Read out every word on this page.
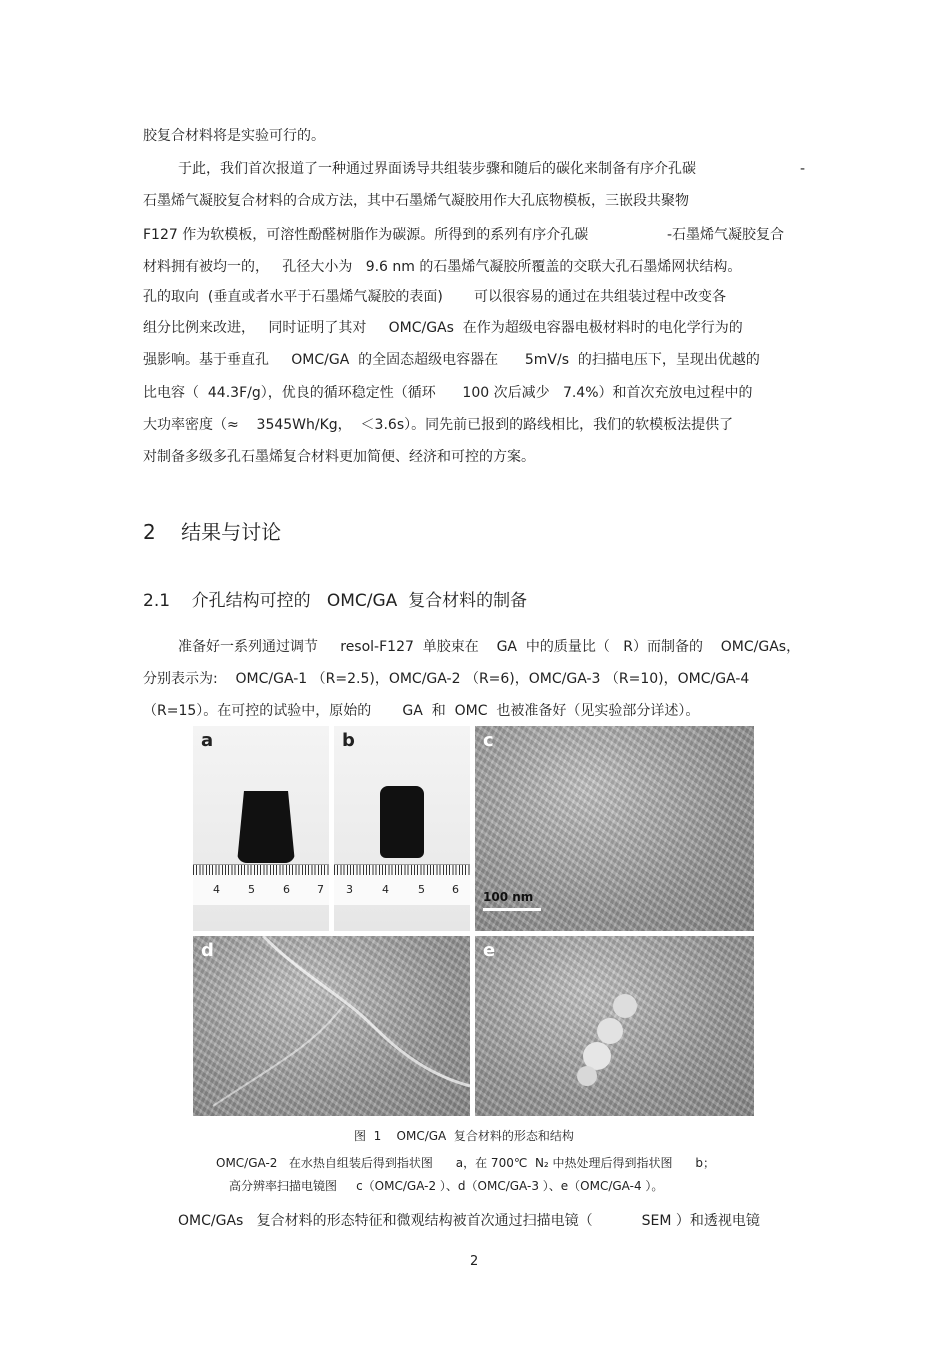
胶复合材料将是实验可行的。
于此，我们首次报道了一种通过界面诱导共组装步骤和随后的碳化来制备有序介孔碳	-
石墨烯气凝胶复合材料的合成方法，其中石墨烯气凝胶用作大孔底物模板，三嵌段共聚物
F127 作为软模板，可溶性酚醛树脂作为碳源。所得到的系列有序介孔碳	-石墨烯气凝胶复合
材料拥有被均一的，   孔径大小为   9.6 nm 的石墨烯气凝胶所覆盖的交联大孔石墨烯网状结构。
孔的取向  (垂直或者水平于石墨烯气凝胶的表面)       可以很容易的通过在共组装过程中改变各
组分比例来改进，   同时证明了其对     OMC/GAs  在作为超级电容器电极材料时的电化学行为的
强影响。基于垂直孔     OMC/GA  的全固态超级电容器在      5mV/s  的扫描电压下，呈现出优越的
比电容（  44.3F/g），优良的循环稳定性（循环      100 次后减少   7.4%）和首次充放电过程中的
大功率密度（≈    3545Wh/Kg，  ＜3.6s）。同先前已报到的路线相比，我们的软模板法提供了
对制备多级多孔石墨烯复合材料更加简便、经济和可控的方案。
2    结果与讨论
2.1    介孔结构可控的   OMC/GA  复合材料的制备
准备好一系列通过调节     resol-F127  单胶束在    GA  中的质量比（   R）而制备的    OMC/GAs，
分别表示为:    OMC/GA-1 （R=2.5)，OMC/GA-2 （R=6)，OMC/GA-3 （R=10)，OMC/GA-4
（R=15）。在可控的试验中，原始的       GA  和  OMC  也被准备好（见实验部分详述）。
a
4	5	6 7
b
3	4	5 6
c
100 nm
d	e
图  1    OMC/GA  复合材料的形态和结构
OMC/GA-2   在水热自组装后得到指状图      a，在 700℃  N₂ 中热处理后得到指状图      b；
高分辨率扫描电镜图     c（OMC/GA-2 ）、d（OMC/GA-3 ）、e（OMC/GA-4 ）。
OMC/GAs   复合材料的形态特征和微观结构被首次通过扫描电镜（           SEM ）和透视电镜
2
